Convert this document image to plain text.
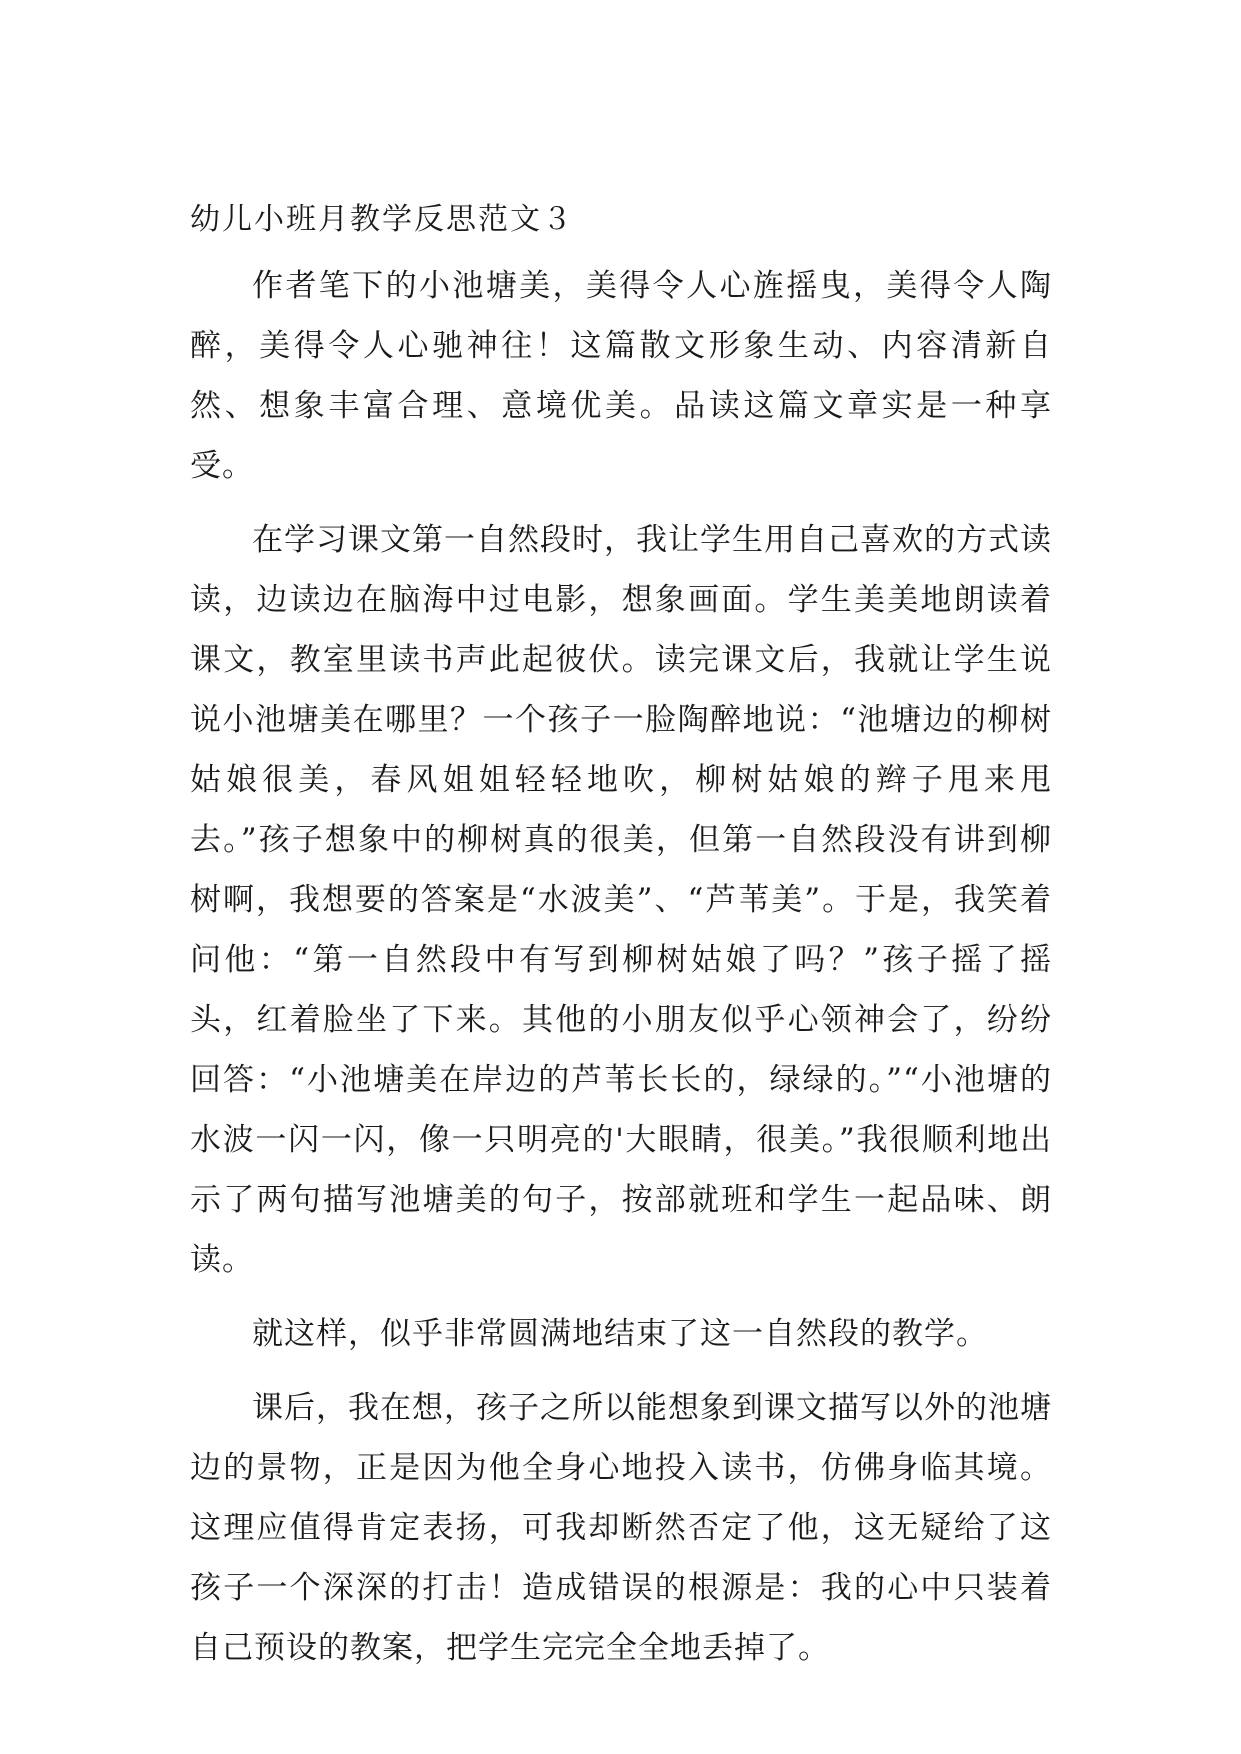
幼儿小班月教学反思范文３

作者笔下的小池塘美，美得令人心旌摇曳，美得令人陶醉，美得令人心驰神往！这篇散文形象生动、内容清新自然、想象丰富合理、意境优美。品读这篇文章实是一种享受。

在学习课文第一自然段时，我让学生用自己喜欢的方式读读，边读边在脑海中过电影，想象画面。学生美美地朗读着课文，教室里读书声此起彼伏。读完课文后，我就让学生说说小池塘美在哪里？一个孩子一脸陶醉地说：“池塘边的柳树姑娘很美，春风姐姐轻轻地吹，柳树姑娘的辫子甩来甩去。”孩子想象中的柳树真的很美，但第一自然段没有讲到柳树啊，我想要的答案是“水波美”、“芦苇美”。于是，我笑着问他：“第一自然段中有写到柳树姑娘了吗？”孩子摇了摇头，红着脸坐了下来。其他的小朋友似乎心领神会了，纷纷回答：“小池塘美在岸边的芦苇长长的，绿绿的。”“小池塘的水波一闪一闪，像一只明亮的'大眼睛，很美。”我很顺利地出示了两句描写池塘美的句子，按部就班和学生一起品味、朗读。

就这样，似乎非常圆满地结束了这一自然段的教学。

课后，我在想，孩子之所以能想象到课文描写以外的池塘边的景物，正是因为他全身心地投入读书，仿佛身临其境。这理应值得肯定表扬，可我却断然否定了他，这无疑给了这孩子一个深深的打击！造成错误的根源是：我的心中只装着自己预设的教案，把学生完完全全地丢掉了。
